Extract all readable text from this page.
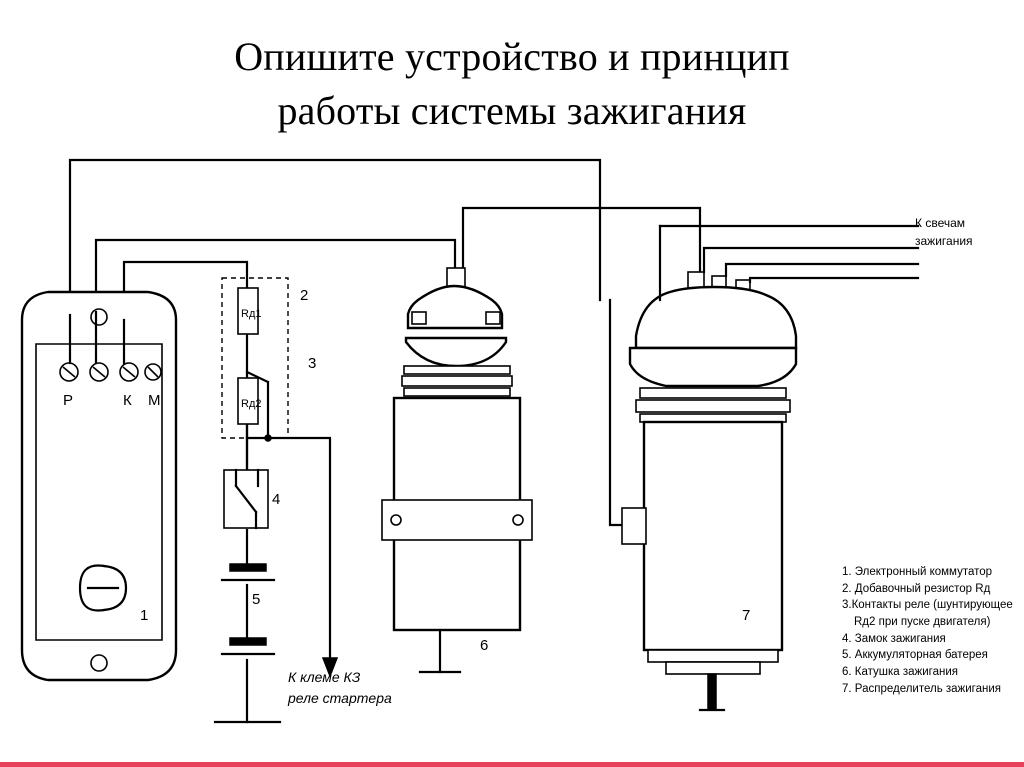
Опишите устройство и принцип
работы системы зажигания
Р	К М
1
Rд1
Rд2
2
3
4
5
6
7
К свечам
зажигания
К клеме КЗ
реле стартера
1. Электронный коммутатор
2. Добавочный резистор Rд
3.Контакты реле (шунтирующее
Rд2 при пуске двигателя)
4. Замок зажигания
5. Аккумуляторная батерея
6. Катушка зажигания
7. Распределитель зажигания
